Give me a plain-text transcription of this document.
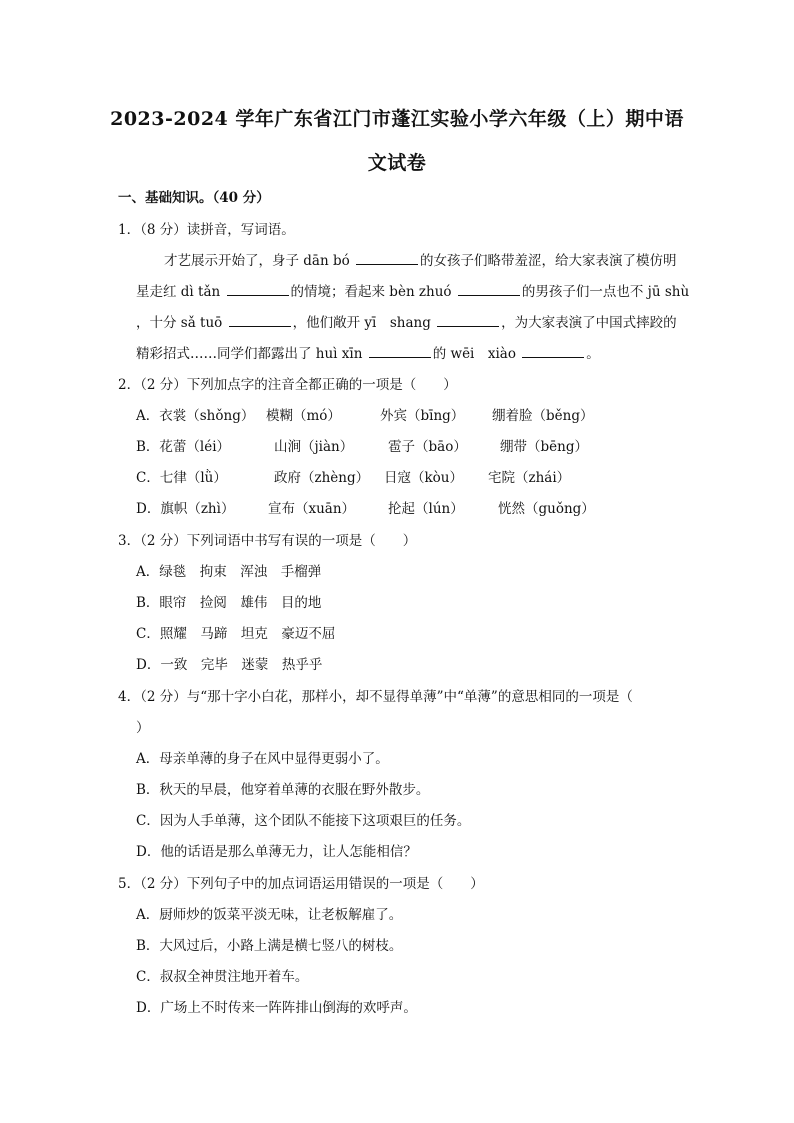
2023-2024 学年广东省江门市蓬江实验小学六年级（上）期中语
文试卷
一、基础知识。（40 分）
1．（8 分）读拼音，写词语。
才艺展示开始了，身子 dān bó	的女孩子们略带羞涩，给大家表演了模仿明
星走红 dì tǎn	的情境；看起来 bèn zhuó	的男孩子们一点也不 jū shù
，十分 sǎ tuō	，他们敞开 yī　shang	，为大家表演了中国式摔跤的
精彩招式……同学们都露出了 huì xīn	的 wēi　xiào	。
2．（2 分）下列加点字的注音全都正确的一项是（　　）
A．衣裳（shǒng） 模糊（mó）	外宾（bīng） 绷着脸（běng）
B．花蕾（léi）	山涧（jiàn）	雹子（bāo） 绷带（bēng）
C．七律（lǜ）	政府（zhèng） 日寇（kòu） 宅院（zhái）
D．旗帜（zhì） 宣布（xuān） 抡起（lún）	恍然（guǒng）
3．（2 分）下列词语中书写有误的一项是（　　）
A．绿毯　拘束　浑浊　手榴弹
B．眼帘　捡阅　雄伟　目的地
C．照耀　马蹄　坦克　豪迈不屈
D．一致　完毕　迷蒙　热乎乎
4．（2 分）与“那十字小白花，那样小，却不显得单薄”中“单薄”的意思相同的一项是（
）
A．母亲单薄的身子在风中显得更弱小了。
B．秋天的早晨，他穿着单薄的衣服在野外散步。
C．因为人手单薄，这个团队不能接下这项艰巨的任务。
D．他的话语是那么单薄无力，让人怎能相信？
5．（2 分）下列句子中的加点词语运用错误的一项是（　　）
A．厨师炒的饭菜平淡无味，让老板解雇了。
B．大风过后，小路上满是横七竖八的树枝。
C．叔叔全神贯注地开着车。
D．广场上不时传来一阵阵排山倒海的欢呼声。
